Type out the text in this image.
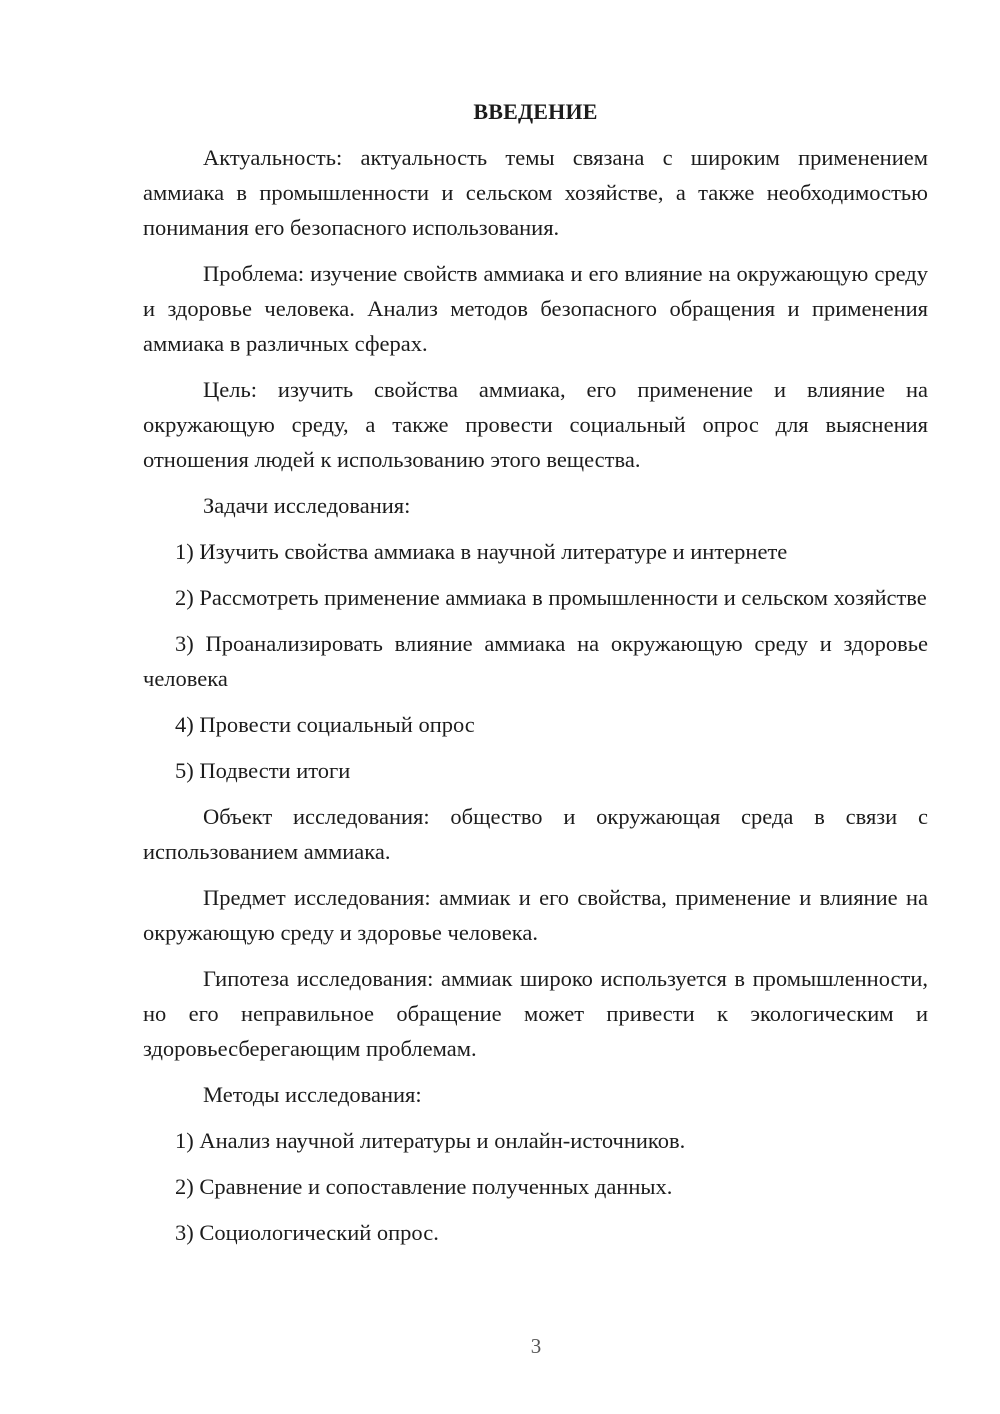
ВВЕДЕНИЕ

Актуальность: актуальность темы связана с широким применением аммиака в промышленности и сельском хозяйстве, а также необходимостью понимания его безопасного использования.

Проблема: изучение свойств аммиака и его влияние на окружающую среду и здоровье человека. Анализ методов безопасного обращения и применения аммиака в различных сферах.

Цель: изучить свойства аммиака, его применение и влияние на окружающую среду, а также провести социальный опрос для выяснения отношения людей к использованию этого вещества.

Задачи исследования:

1) Изучить свойства аммиака в научной литературе и интернете

2) Рассмотреть применение аммиака в промышленности и сельском хозяйстве

3) Проанализировать влияние аммиака на окружающую среду и здоровье человека

4) Провести социальный опрос

5) Подвести итоги

Объект исследования: общество и окружающая среда в связи с использованием аммиака.

Предмет исследования: аммиак и его свойства, применение и влияние на окружающую среду и здоровье человека.

Гипотеза исследования: аммиак широко используется в промышленности, но его неправильное обращение может привести к экологическим и здоровьесберегающим проблемам.

Методы исследования:

1) Анализ научной литературы и онлайн-источников.

2) Сравнение и сопоставление полученных данных.

3) Социологический опрос.

3
